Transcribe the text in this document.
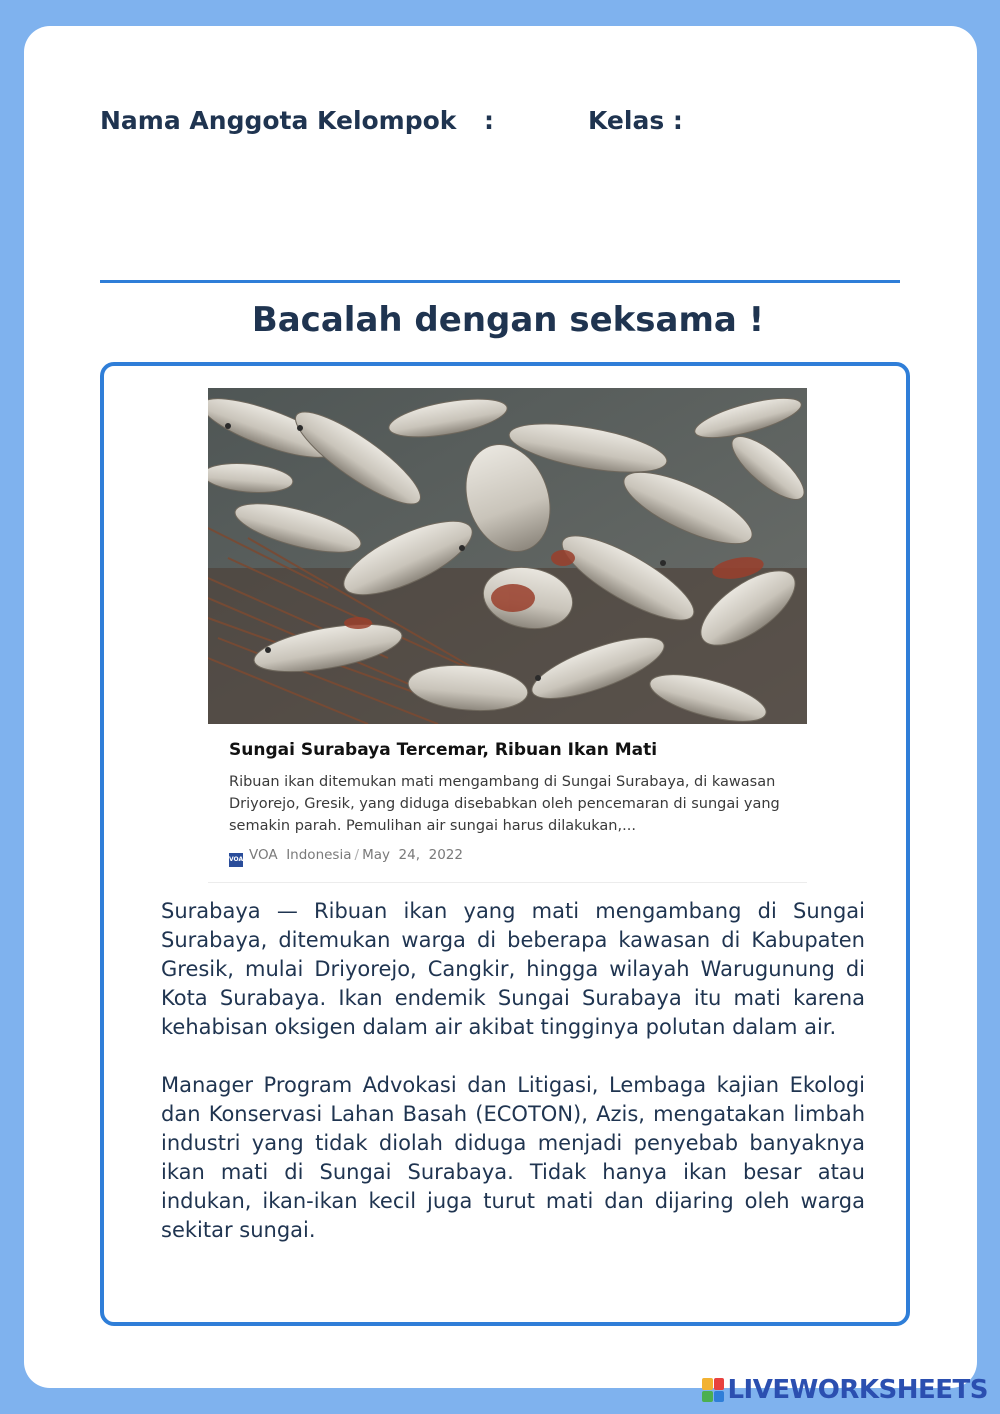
Nama Anggota Kelompok :	Kelas :
Bacalah dengan seksama !
Sungai Surabaya Tercemar, Ribuan Ikan Mati
Ribuan ikan ditemukan mati mengambang di Sungai Surabaya, di kawasan Driyorejo, Gresik, yang diduga disebabkan oleh pencemaran di sungai yang semakin parah. Pemulihan air sungai harus dilakukan,...
VOA VOA  Indonesia / May  24,  2022

Surabaya — Ribuan ikan yang mati mengambang di Sungai Surabaya, ditemukan warga di beberapa kawasan di Kabupaten Gresik, mulai Driyorejo, Cangkir, hingga wilayah Warugunung di Kota Surabaya. Ikan endemik Sungai Surabaya itu mati karena kehabisan oksigen dalam air akibat tingginya polutan dalam air.

Manager Program Advokasi dan Litigasi, Lembaga kajian Ekologi dan Konservasi Lahan Basah (ECOTON), Azis, mengatakan limbah industri yang tidak diolah diduga menjadi penyebab banyaknya ikan mati di Sungai Surabaya. Tidak hanya ikan besar atau indukan, ikan-ikan kecil juga turut mati dan dijaring oleh warga sekitar sungai.

LIVEWORKSHEETS
